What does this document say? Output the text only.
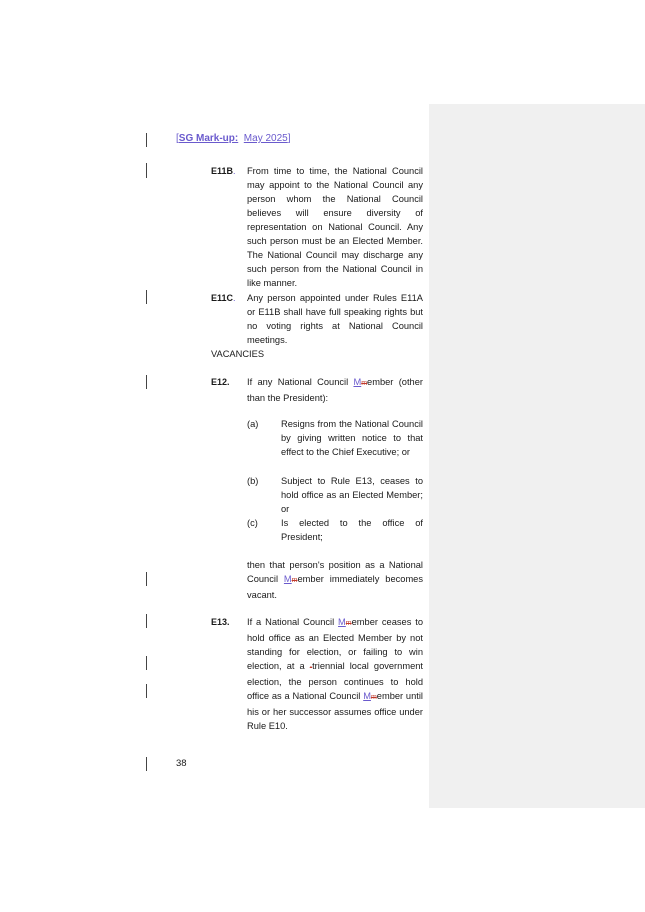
[SG Mark-up: May 2025]
E11B. From time to time, the National Council may appoint to the National Council any person whom the National Council believes will ensure diversity of representation on National Council. Any such person must be an Elected Member. The National Council may discharge any such person from the National Council in like manner.
E11C. Any person appointed under Rules E11A or E11B shall have full speaking rights but no voting rights at National Council meetings.
VACANCIES
E12. If any National Council Mmember (other than the President):
(a) Resigns from the National Council by giving written notice to that effect to the Chief Executive; or
(b) Subject to Rule E13, ceases to hold office as an Elected Member; or
(c) Is elected to the office of President;
then that person's position as a National Council Mmember immediately becomes vacant.
E13. If a National Council Mmember ceases to hold office as an Elected Member by not standing for election, or failing to win election, at a -triennial local government election, the person continues to hold office as a National Council Mmember until his or her successor assumes office under Rule E10.
38
